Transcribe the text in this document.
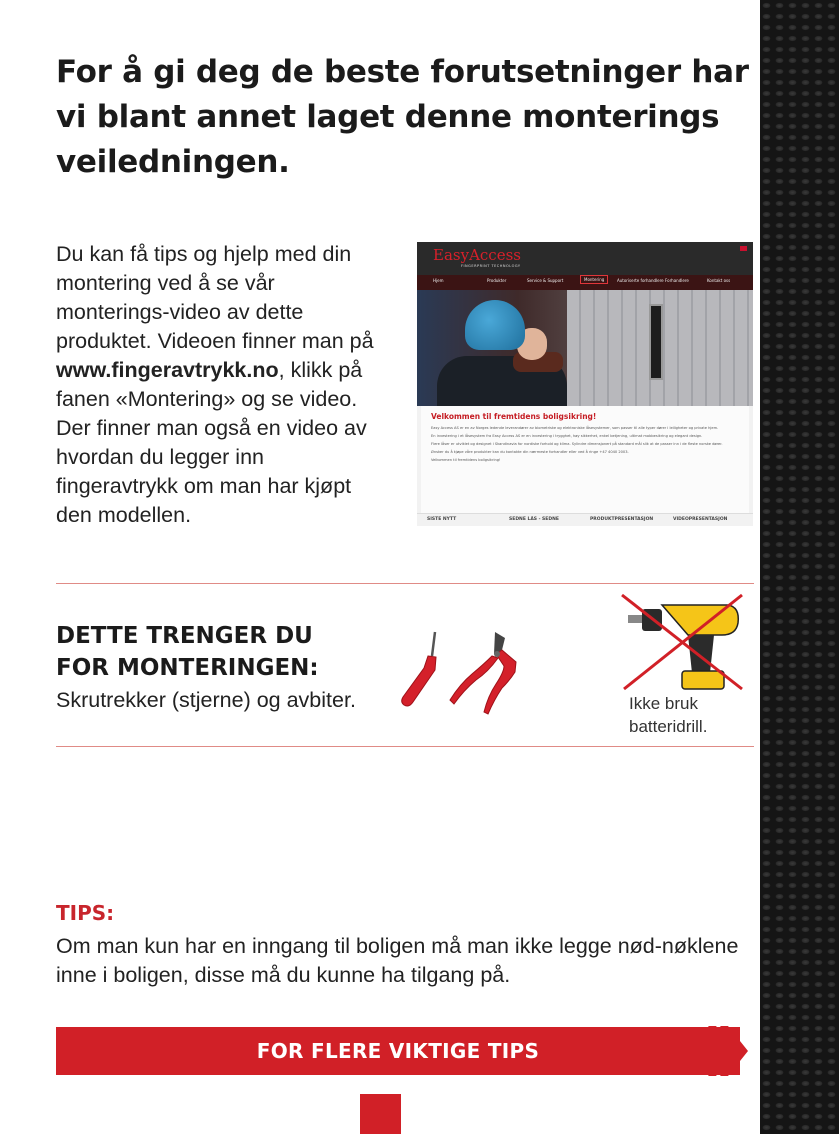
For å gi deg de beste forutsetninger har vi blant annet laget denne monterings veiledningen.

Du kan få tips og hjelp med din montering ved å se vår monterings-video av dette produktet. Videoen finner man på www.fingeravtrykk.no, klikk på fanen «Montering» og se video. Der finner man også en video av hvordan du legger inn fingeravtrykk om man har kjøpt den modellen.

EasyAccess
FINGERPRINT TECHNOLOGY
Hjem	Produkter	Service & Support	Montering	Autoriserte forhandlere Forhandlere	Kontakt oss
Velkommen til fremtidens boligsikring!
Easy Access AS er en av Norges ledende leverandører av biometriske og elektroniske låsesystemer, som passer til alle typer dører i leiligheter og private hjem.
En investering i et låsesystem fra Easy Access AS er en investering i trygghet, høy sikkerhet, enkel betjening, ultimat mobbesikring og elegant design.
Flere låser er utviklet og designet i Skandinavia for nordiske forhold og klima. Sylindre dimensjonert på standard mål slik at de passer inn i de fleste norske dører.
Ønsker du å kjøpe våre produkter kan du kontakte din nærmeste forhandler eller ved å ringe +47 4040 2003.
Velkommen til fremtidens boligsikring!
SISTE NYTT	SEDNE LÅS - SEDNE	PRODUKTPRESENTASJON	VIDEOPRESENTASJON
DETTE TRENGER DU
FOR MONTERINGEN:

Skrutrekker (stjerne) og avbiter.	Ikke bruk
batteridrill.

TIPS:

Om man kun har en inngang til boligen må man ikke legge nød-nøklene inne i boligen, disse må du kunne ha tilgang på.

FOR FLERE VIKTIGE TIPS
